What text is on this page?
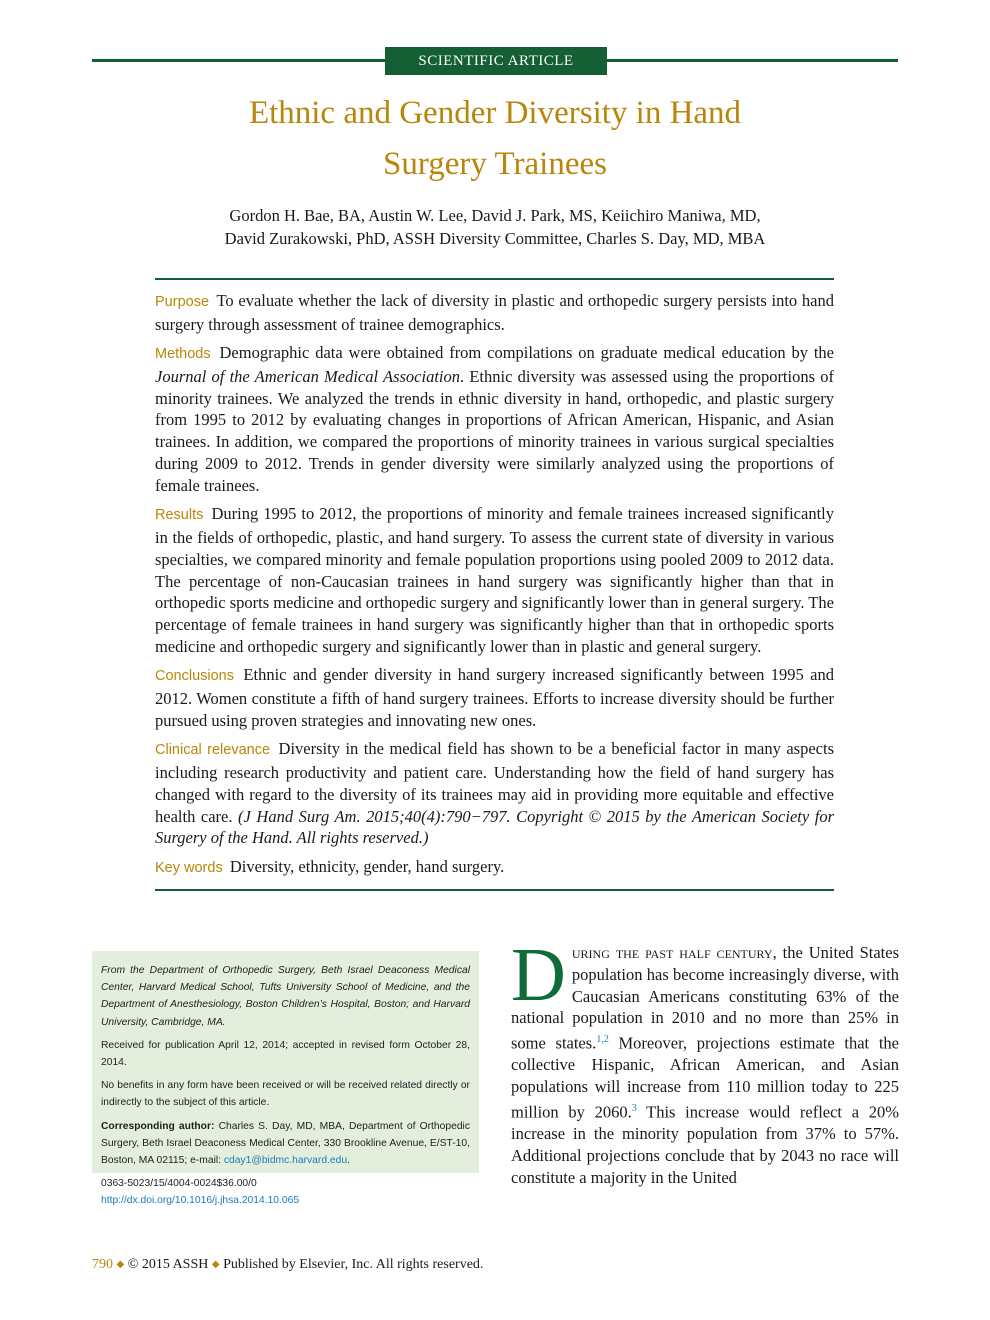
SCIENTIFIC ARTICLE
Ethnic and Gender Diversity in Hand
Surgery Trainees
Gordon H. Bae, BA, Austin W. Lee, David J. Park, MS, Keiichiro Maniwa, MD,
David Zurakowski, PhD, ASSH Diversity Committee, Charles S. Day, MD, MBA

Purpose To evaluate whether the lack of diversity in plastic and orthopedic surgery persists into hand surgery through assessment of trainee demographics.

Methods Demographic data were obtained from compilations on graduate medical education by the Journal of the American Medical Association. Ethnic diversity was assessed using the proportions of minority trainees. We analyzed the trends in ethnic diversity in hand, orthopedic, and plastic surgery from 1995 to 2012 by evaluating changes in proportions of African American, Hispanic, and Asian trainees. In addition, we compared the proportions of minority trainees in various surgical specialties during 2009 to 2012. Trends in gender diversity were similarly analyzed using the proportions of female trainees.

Results During 1995 to 2012, the proportions of minority and female trainees increased significantly in the fields of orthopedic, plastic, and hand surgery. To assess the current state of diversity in various specialties, we compared minority and female population proportions using pooled 2009 to 2012 data. The percentage of non-Caucasian trainees in hand surgery was significantly higher than that in orthopedic sports medicine and orthopedic surgery and significantly lower than in general surgery. The percentage of female trainees in hand surgery was significantly higher than that in orthopedic sports medicine and orthopedic surgery and significantly lower than in plastic and general surgery.

Conclusions Ethnic and gender diversity in hand surgery increased significantly between 1995 and 2012. Women constitute a fifth of hand surgery trainees. Efforts to increase diversity should be further pursued using proven strategies and innovating new ones.

Clinical relevance Diversity in the medical field has shown to be a beneficial factor in many aspects including research productivity and patient care. Understanding how the field of hand surgery has changed with regard to the diversity of its trainees may aid in providing more equitable and effective health care. (J Hand Surg Am. 2015;40(4):790−797. Copyright © 2015 by the American Society for Surgery of the Hand. All rights reserved.)

Key words Diversity, ethnicity, gender, hand surgery.

From the Department of Orthopedic Surgery, Beth Israel Deaconess Medical Center, Harvard Medical School, Tufts University School of Medicine, and the Department of Anesthesiology, Boston Children’s Hospital, Boston; and Harvard University, Cambridge, MA.

Received for publication April 12, 2014; accepted in revised form October 28, 2014.

No benefits in any form have been received or will be received related directly or indirectly to the subject of this article.

Corresponding author: Charles S. Day, MD, MBA, Department of Orthopedic Surgery, Beth Israel Deaconess Medical Center, 330 Brookline Avenue, E/ST-10, Boston, MA 02115; e-mail: cday1@bidmc.harvard.edu.

0363-5023/15/4004-0024$36.00/0
http://dx.doi.org/10.1016/j.jhsa.2014.10.065

D uring the past half century, the United States population has become increasingly diverse, with Caucasian Americans constituting 63% of the national population in 2010 and no more than 25% in some states.$^{1,2}$ Moreover, projections estimate that the collective Hispanic, African American, and Asian populations will increase from 110 million today to 225 million by 2060.$^3$ This increase would reflect a 20% increase in the minority population from 37% to 57%. Additional projections conclude that by 2043 no race will constitute a majority in the United
790 ◆ © 2015 ASSH ◆ Published by Elsevier, Inc. All rights reserved.
